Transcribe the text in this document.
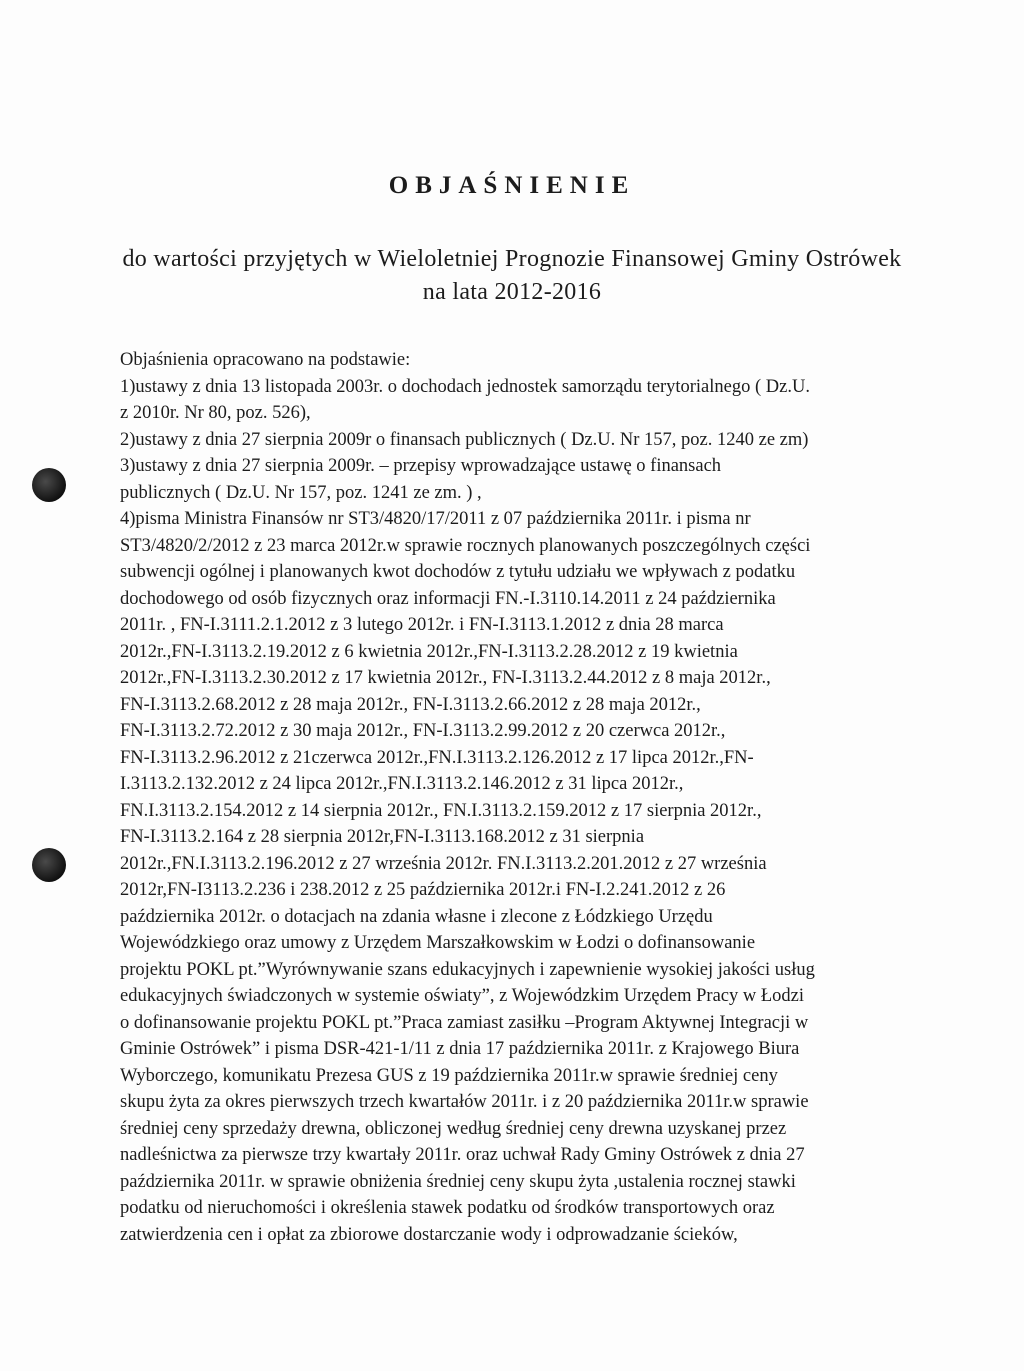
OBJAŚNIENIE
do wartości przyjętych w Wieloletniej Prognozie Finansowej Gminy Ostrówek
na lata 2012-2016
Objaśnienia opracowano na podstawie:
1)ustawy z dnia 13 listopada 2003r. o dochodach jednostek samorządu terytorialnego ( Dz.U.
z 2010r. Nr 80, poz. 526),
2)ustawy z dnia 27 sierpnia 2009r o finansach publicznych ( Dz.U. Nr 157, poz. 1240 ze zm)
3)ustawy z dnia 27 sierpnia 2009r. – przepisy wprowadzające ustawę o finansach
publicznych ( Dz.U. Nr 157, poz. 1241 ze zm. ) ,
4)pisma Ministra Finansów nr ST3/4820/17/2011 z 07 października 2011r. i pisma nr
ST3/4820/2/2012 z 23 marca 2012r.w sprawie rocznych planowanych poszczególnych części
subwencji ogólnej i planowanych kwot dochodów z tytułu udziału we wpływach z podatku
dochodowego od osób fizycznych oraz informacji FN.-I.3110.14.2011 z 24 października
2011r. , FN-I.3111.2.1.2012 z 3 lutego 2012r. i FN-I.3113.1.2012 z dnia 28 marca
2012r.,FN-I.3113.2.19.2012 z 6 kwietnia 2012r.,FN-I.3113.2.28.2012 z 19 kwietnia
2012r.,FN-I.3113.2.30.2012 z 17 kwietnia 2012r., FN-I.3113.2.44.2012 z 8 maja 2012r.,
FN-I.3113.2.68.2012 z 28 maja 2012r., FN-I.3113.2.66.2012 z 28 maja 2012r.,
FN-I.3113.2.72.2012 z 30 maja 2012r., FN-I.3113.2.99.2012 z 20 czerwca 2012r.,
FN-I.3113.2.96.2012 z 21czerwca 2012r.,FN.I.3113.2.126.2012 z 17 lipca 2012r.,FN-
I.3113.2.132.2012 z 24 lipca 2012r.,FN.I.3113.2.146.2012 z 31 lipca 2012r.,
FN.I.3113.2.154.2012 z 14 sierpnia 2012r., FN.I.3113.2.159.2012 z 17 sierpnia 2012r.,
FN-I.3113.2.164 z 28 sierpnia 2012r,FN-I.3113.168.2012 z 31 sierpnia
2012r.,FN.I.3113.2.196.2012 z 27 września 2012r. FN.I.3113.2.201.2012 z 27 września
2012r,FN-I3113.2.236 i 238.2012 z 25 października 2012r.i FN-I.2.241.2012 z 26
października 2012r. o dotacjach na zdania własne i zlecone z Łódzkiego Urzędu
Wojewódzkiego oraz umowy z Urzędem Marszałkowskim w Łodzi o dofinansowanie
projektu POKL pt.”Wyrównywanie szans edukacyjnych i zapewnienie wysokiej jakości usług
edukacyjnych świadczonych w systemie oświaty”, z Wojewódzkim Urzędem Pracy w Łodzi
o dofinansowanie projektu POKL pt.”Praca zamiast zasiłku –Program Aktywnej Integracji w
Gminie Ostrówek” i pisma DSR-421-1/11 z dnia 17 października 2011r. z Krajowego Biura
Wyborczego, komunikatu Prezesa GUS z 19 października 2011r.w sprawie średniej ceny
skupu żyta za okres pierwszych trzech kwartałów 2011r. i z 20 października 2011r.w sprawie
średniej ceny sprzedaży drewna, obliczonej według średniej ceny drewna uzyskanej przez
nadleśnictwa za pierwsze trzy kwartały 2011r. oraz uchwał Rady Gminy Ostrówek z dnia 27
października 2011r. w sprawie obniżenia średniej ceny skupu żyta ,ustalenia rocznej stawki
podatku od nieruchomości i określenia stawek podatku od środków transportowych oraz
zatwierdzenia cen i opłat za zbiorowe dostarczanie wody i odprowadzanie ścieków,
